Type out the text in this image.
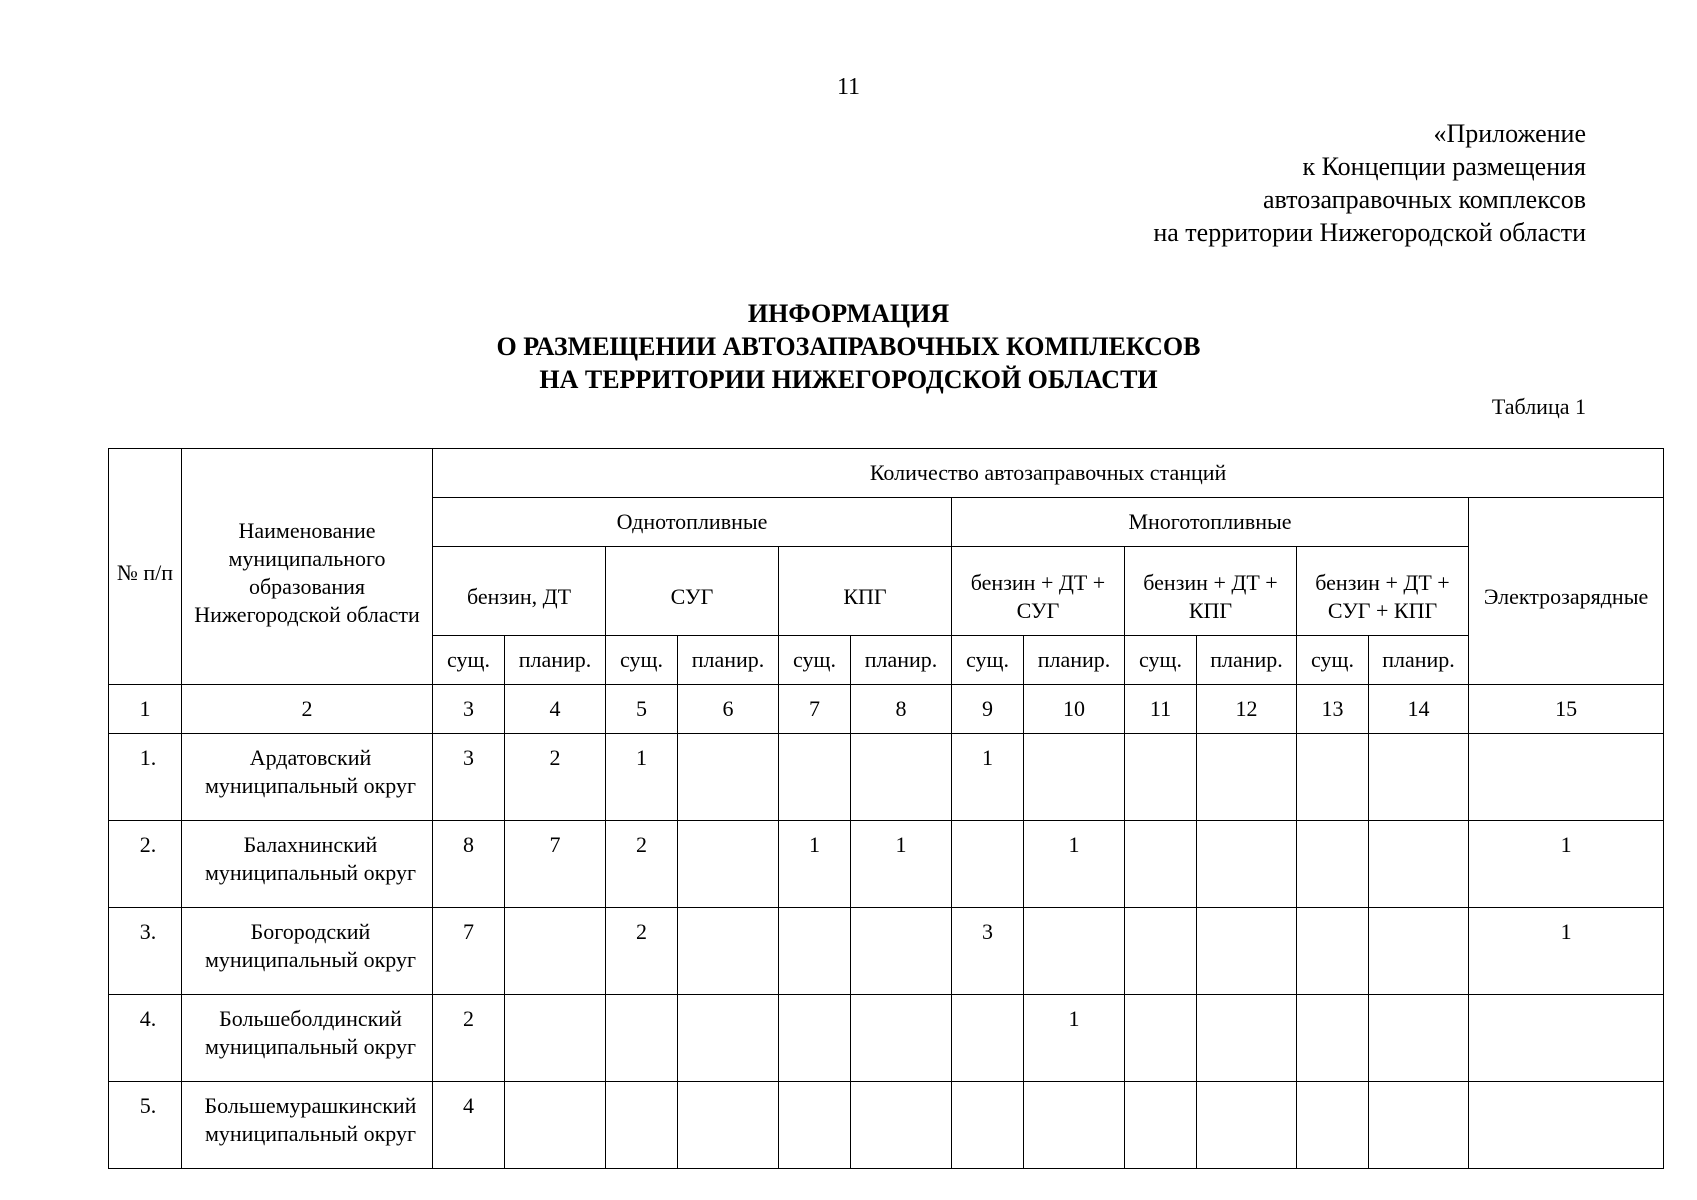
11
«Приложение
к Концепции размещения
автозаправочных комплексов
на территории Нижегородской области
ИНФОРМАЦИЯ
О РАЗМЕЩЕНИИ АВТОЗАПРАВОЧНЫХ КОМПЛЕКСОВ
НА ТЕРРИТОРИИ НИЖЕГОРОДСКОЙ ОБЛАСТИ
Таблица 1
№ п/п	Наименование муниципального образования Нижегородской области	Количество автозаправочных станций												
		Однотопливные						Многотопливные						Электрозарядные
		бензин, ДТ		СУГ		КПГ		бензин + ДТ + СУГ		бензин + ДТ + КПГ		бензин + ДТ + СУГ + КПГ		
		сущ.	планир.	сущ.	планир.	сущ.	планир.	сущ.	планир.	сущ.	планир.	сущ.	планир.	
1	2	3	4	5	6	7	8	9	10	11	12	13	14	15
1.	Ардатовский муниципальный округ	3	2	1				1						
2.	Балахнинский муниципальный округ	8	7	2		1	1		1					1
3.	Богородский муниципальный округ	7		2				3						1
4.	Большеболдинский муниципальный округ	2							1					
5.	Большемурашкинский муниципальный округ	4												
